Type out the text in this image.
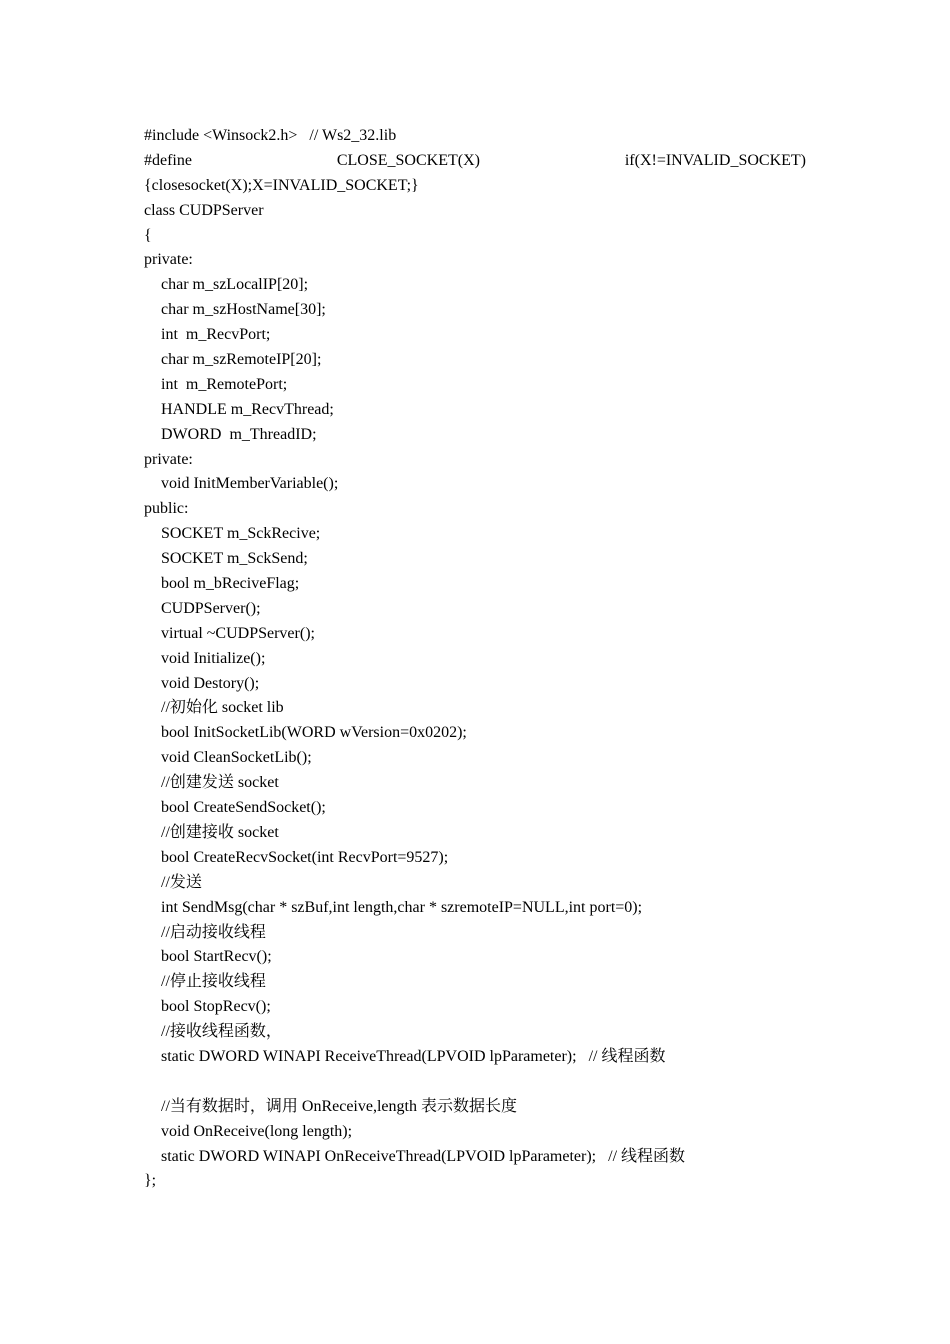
#include <Winsock2.h>   // Ws2_32.lib
#define	CLOSE_SOCKET(X)	if(X!=INVALID_SOCKET)
{closesocket(X);X=INVALID_SOCKET;}
class CUDPServer
{
private:
char m_szLocalIP[20];
char m_szHostName[30];
int  m_RecvPort;
char m_szRemoteIP[20];
int  m_RemotePort;
HANDLE m_RecvThread;
DWORD  m_ThreadID;
private:
void InitMemberVariable();
public:
SOCKET m_SckRecive;
SOCKET m_SckSend;
bool m_bReciveFlag;
CUDPServer();
virtual ~CUDPServer();
void Initialize();
void Destory();
//初始化 socket lib
bool InitSocketLib(WORD wVersion=0x0202);
void CleanSocketLib();
//创建发送 socket
bool CreateSendSocket();
//创建接收 socket
bool CreateRecvSocket(int RecvPort=9527);
//发送
int SendMsg(char * szBuf,int length,char * szremoteIP=NULL,int port=0);
//启动接收线程
bool StartRecv();
//停止接收线程
bool StopRecv();
//接收线程函数，
static DWORD WINAPI ReceiveThread(LPVOID lpParameter);   // 线程函数
//当有数据时，调用 OnReceive,length 表示数据长度
void OnReceive(long length);
static DWORD WINAPI OnReceiveThread(LPVOID lpParameter);   // 线程函数
};
